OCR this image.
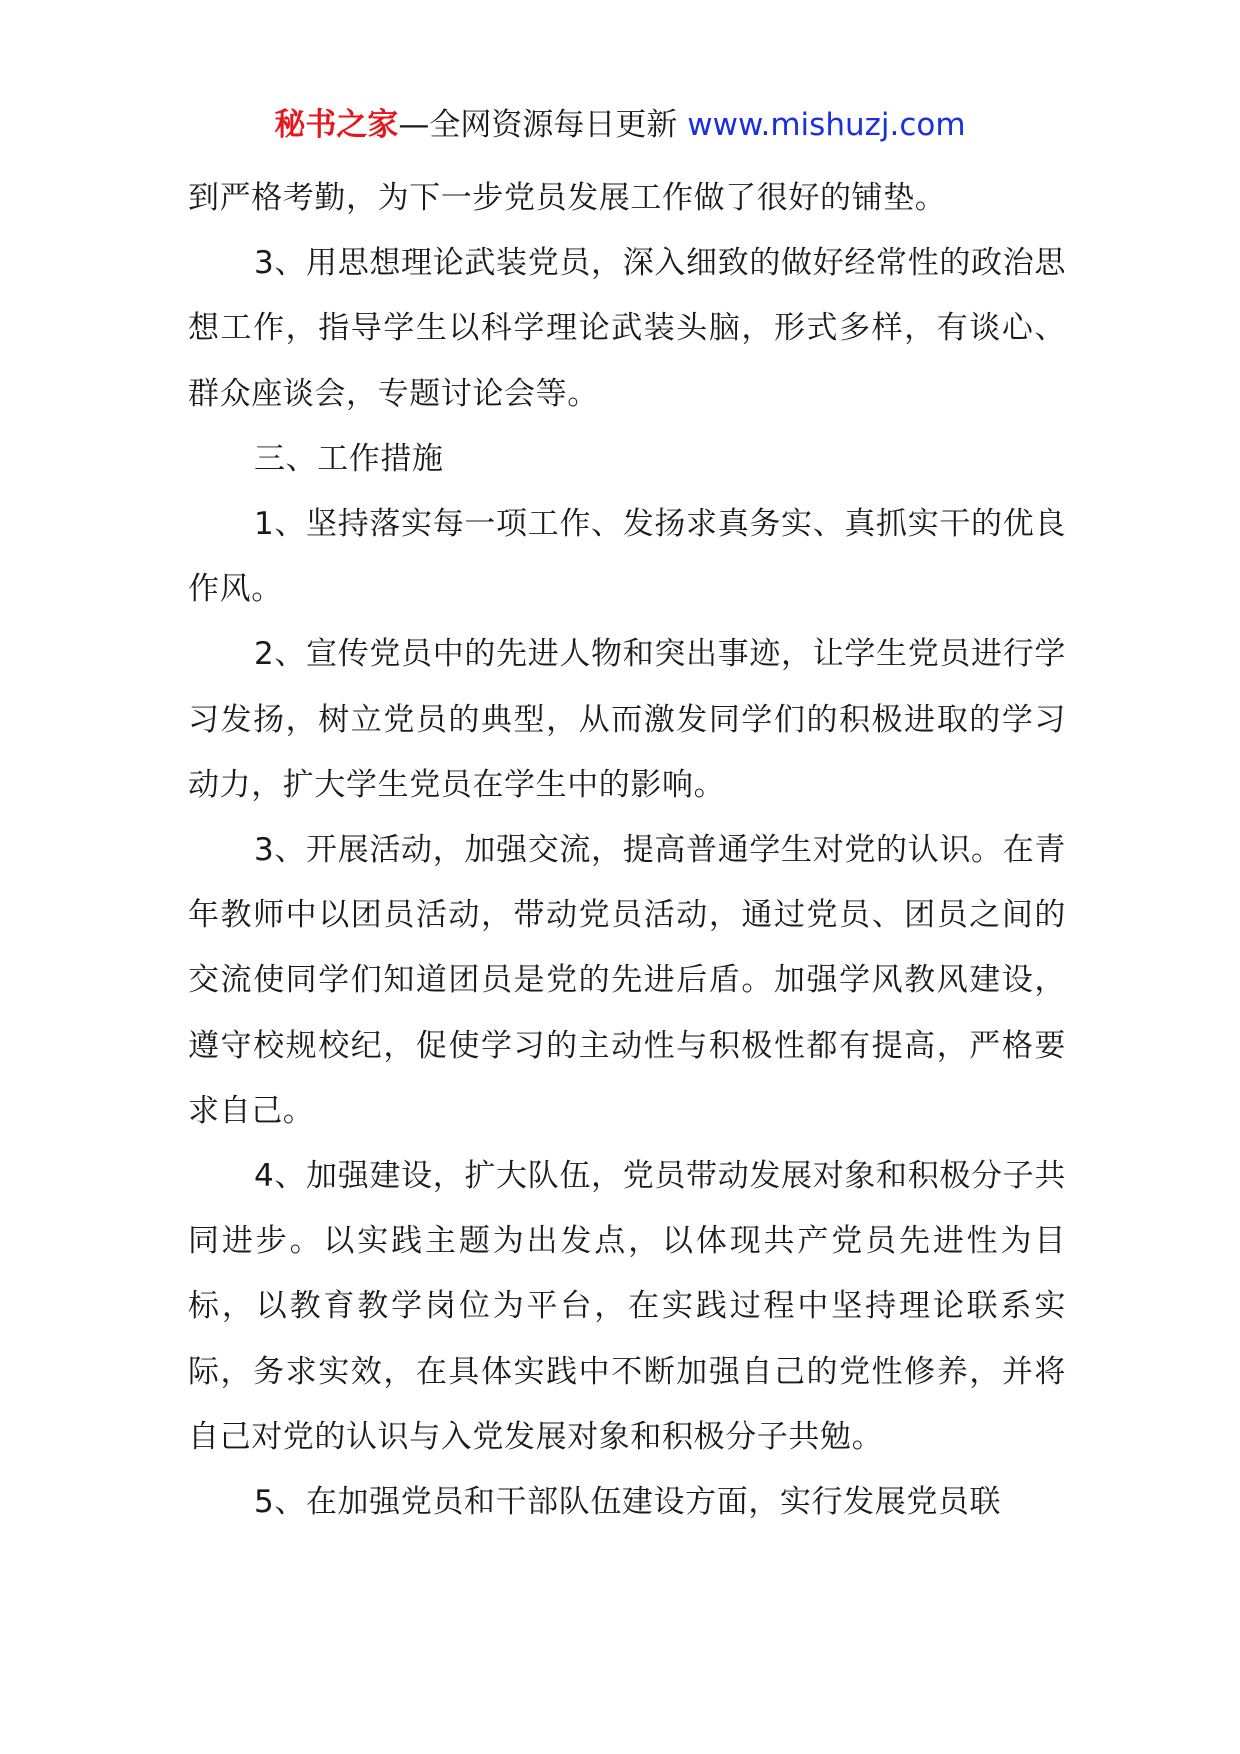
秘书之家—全网资源每日更新 www.mishuzj.com

到严格考勤，为下一步党员发展工作做了很好的铺垫。

3、用思想理论武装党员，深入细致的做好经常性的政治思想工作，指导学生以科学理论武装头脑，形式多样，有谈心、群众座谈会，专题讨论会等。

三、工作措施

1、坚持落实每一项工作、发扬求真务实、真抓实干的优良作风。

2、宣传党员中的先进人物和突出事迹，让学生党员进行学习发扬，树立党员的典型，从而激发同学们的积极进取的学习动力，扩大学生党员在学生中的影响。

3、开展活动，加强交流，提高普通学生对党的认识。在青年教师中以团员活动，带动党员活动，通过党员、团员之间的交流使同学们知道团员是党的先进后盾。加强学风教风建设，遵守校规校纪，促使学习的主动性与积极性都有提高，严格要求自己。

4、加强建设，扩大队伍，党员带动发展对象和积极分子共同进步。以实践主题为出发点，以体现共产党员先进性为目标，以教育教学岗位为平台，在实践过程中坚持理论联系实际，务求实效，在具体实践中不断加强自己的党性修养，并将自己对党的认识与入党发展对象和积极分子共勉。

5、在加强党员和干部队伍建设方面，实行发展党员联
